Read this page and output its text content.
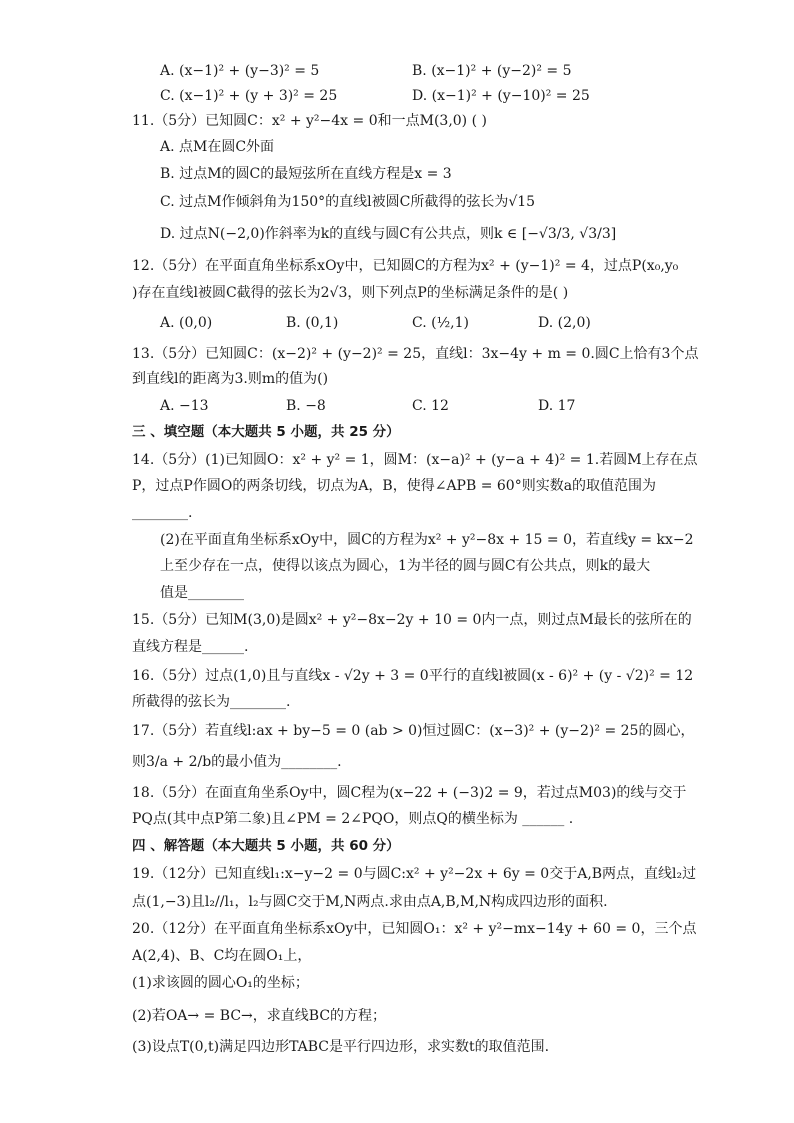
A. (x−1)² + (y−3)² = 5	B. (x−1)² + (y−2)² = 5
C. (x−1)² + (y + 3)² = 25	D. (x−1)² + (y−10)² = 25
11.（5分）已知圆C：x² + y²−4x = 0和一点M(3,0) ( )
A. 点M在圆C外面
B. 过点M的圆C的最短弦所在直线方程是x = 3
C. 过点M作倾斜角为150°的直线l被圆C所截得的弦长为√15
D. 过点N(−2,0)作斜率为k的直线与圆C有公共点，则k ∈ [−√3/3, √3/3]
12.（5分）在平面直角坐标系xOy中，已知圆C的方程为x² + (y−1)² = 4，过点P(x₀,y₀
)存在直线l被圆C截得的弦长为2√3，则下列点P的坐标满足条件的是( )
A. (0,0)	B. (0,1)	C. (½,1)	D. (2,0)
13.（5分）已知圆C：(x−2)² + (y−2)² = 25，直线l：3x−4y + m = 0.圆C上恰有3个点
到直线l的距离为3.则m的值为()
A. −13	B. −8	C. 12	D. 17
三 、填空题（本大题共 5 小题，共 25 分）
14.（5分）(1)已知圆O：x² + y² = 1，圆M：(x−a)² + (y−a + 4)² = 1.若圆M上存在点
P，过点P作圆O的两条切线，切点为A，B，使得∠APB = 60°则实数a的取值范围为
________.
(2)在平面直角坐标系xOy中，圆C的方程为x² + y²−8x + 15 = 0，若直线y = kx−2
上至少存在一点，使得以该点为圆心，1为半径的圆与圆C有公共点，则k的最大
值是________
15.（5分）已知M(3,0)是圆x² + y²−8x−2y + 10 = 0内一点，则过点M最长的弦所在的
直线方程是______.
16.（5分）过点(1,0)且与直线x - √2y + 3 = 0平行的直线l被圆(x - 6)² + (y - √2)² = 12
所截得的弦长为________.
17.（5分）若直线l:ax + by−5 = 0 (ab > 0)恒过圆C：(x−3)² + (y−2)² = 25的圆心，
则3/a + 2/b的最小值为________.
18.（5分）在面直角坐系Oy中，圆C程为(x−22 + (−3)2 = 9，若过点M03)的线与交于
PQ点(其中点P第二象)且∠PM = 2∠PQO，则点Q的横坐标为 ______ .
四 、解答题（本大题共 5 小题，共 60 分）
19.（12分）已知直线l₁:x−y−2 = 0与圆C:x² + y²−2x + 6y = 0交于A,B两点，直线l₂过
点(1,−3)且l₂//l₁，l₂与圆C交于M,N两点.求由点A,B,M,N构成四边形的面积.
20.（12分）在平面直角坐标系xOy中，已知圆O₁：x² + y²−mx−14y + 60 = 0，三个点
A(2,4)、B、C均在圆O₁上，
(1)求该圆的圆心O₁的坐标；
(2)若OA→ = BC→，求直线BC的方程；
(3)设点T(0,t)满足四边形TABC是平行四边形，求实数t的取值范围.
